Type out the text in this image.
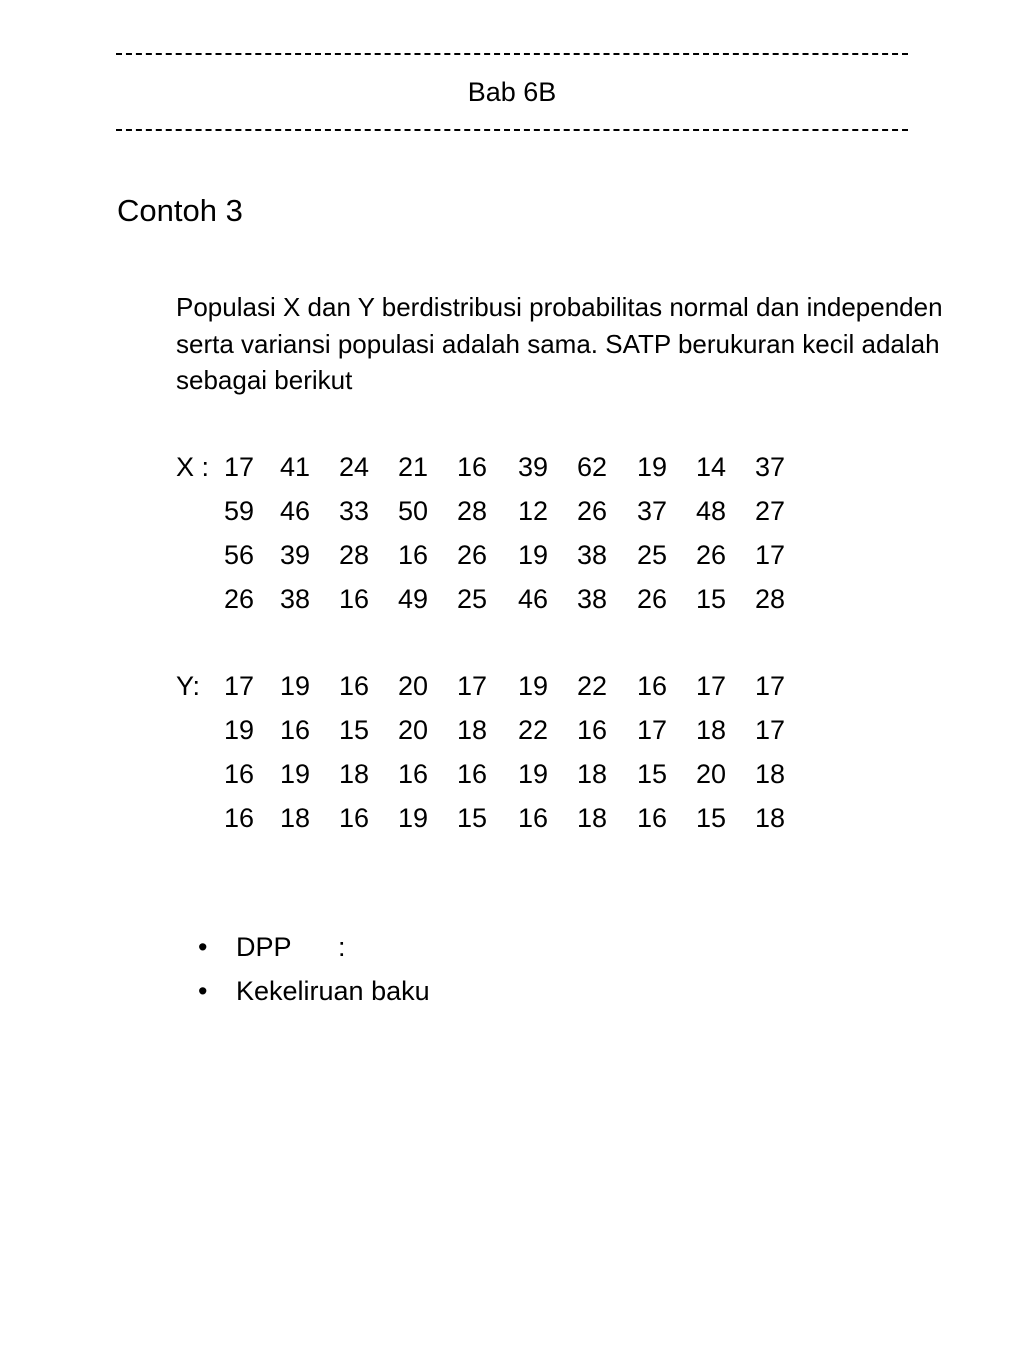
Bab 6B
Contoh 3
Populasi X dan Y berdistribusi probabilitas normal dan independen serta variansi populasi adalah sama. SATP berukuran kecil adalah sebagai berikut
X : 17 41 24 21 16 39 62 19 14 37
59 46 33 50 28 12 26 37 48 27
56 39 28 16 26 19 38 25 26 17
26 38 16 49 25 46 38 26 15 28
Y: 17 19 16 20 17 19 22 16 17 17
19 16 15 20 18 22 16 17 18 17
16 19 18 16 16 19 18 15 20 18
16 18 16 19 15 16 18 16 15 18
• DPP :
• Kekeliruan baku
